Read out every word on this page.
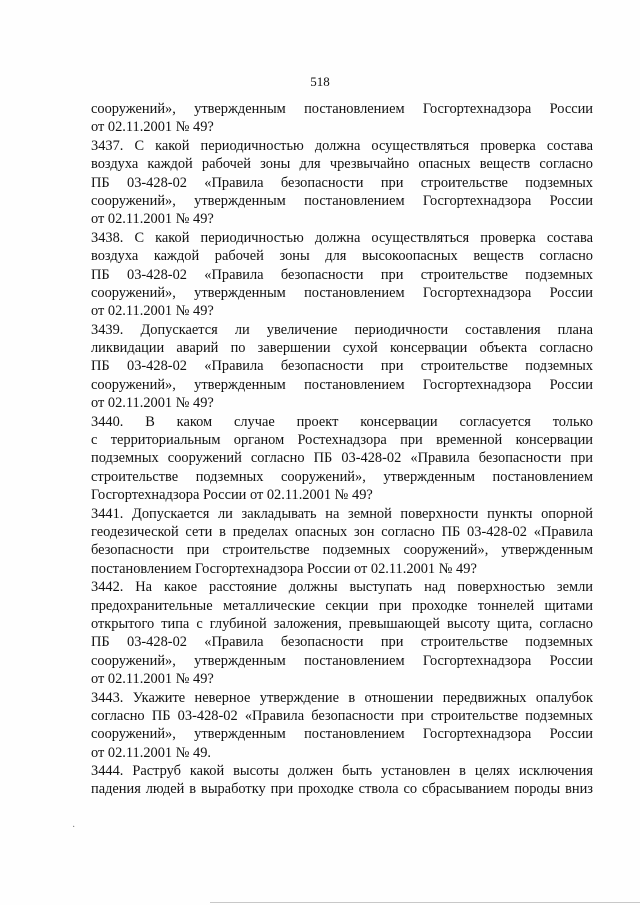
518
сооружений», утвержденным постановлением Госгортехнадзора России
от 02.11.2001 № 49?
3437. С какой периодичностью должна осуществляться проверка состава
воздуха каждой рабочей зоны для чрезвычайно опасных веществ согласно
ПБ 03-428-02 «Правила безопасности при строительстве подземных
сооружений», утвержденным постановлением Госгортехнадзора России
от 02.11.2001 № 49?
3438. С какой периодичностью должна осуществляться проверка состава
воздуха каждой рабочей зоны для высокоопасных веществ согласно
ПБ 03-428-02 «Правила безопасности при строительстве подземных
сооружений», утвержденным постановлением Госгортехнадзора России
от 02.11.2001 № 49?
3439. Допускается ли увеличение периодичности составления плана
ликвидации аварий по завершении сухой консервации объекта согласно
ПБ 03-428-02 «Правила безопасности при строительстве подземных
сооружений», утвержденным постановлением Госгортехнадзора России
от 02.11.2001 № 49?
3440. В каком случае проект консервации согласуется только
с территориальным органом Ростехнадзора при временной консервации
подземных сооружений согласно ПБ 03-428-02 «Правила безопасности при
строительстве подземных сооружений», утвержденным постановлением
Госгортехнадзора России от 02.11.2001 № 49?
3441. Допускается ли закладывать на земной поверхности пункты опорной
геодезической сети в пределах опасных зон согласно ПБ 03-428-02 «Правила
безопасности при строительстве подземных сооружений», утвержденным
постановлением Госгортехнадзора России от 02.11.2001 № 49?
3442. На какое расстояние должны выступать над поверхностью земли
предохранительные металлические секции при проходке тоннелей щитами
открытого типа с глубиной заложения, превышающей высоту щита, согласно
ПБ 03-428-02 «Правила безопасности при строительстве подземных
сооружений», утвержденным постановлением Госгортехнадзора России
от 02.11.2001 № 49?
3443. Укажите неверное утверждение в отношении передвижных опалубок
согласно ПБ 03-428-02 «Правила безопасности при строительстве подземных
сооружений», утвержденным постановлением Госгортехнадзора России
от 02.11.2001 № 49.
3444. Раструб какой высоты должен быть установлен в целях исключения
падения людей в выработку при проходке ствола со сбрасыванием породы вниз
·
